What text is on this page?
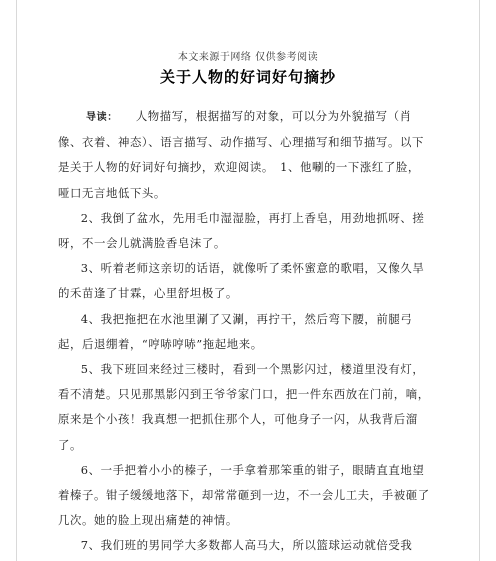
本文来源于网络 仅供参考阅读
关于人物的好词好句摘抄

导读： 人物描写，根据描写的对象，可以分为外貌描写（肖像、衣着、神态）、语言描写、动作描写、心理描写和细节描写。以下是关于人物的好词好句摘抄，欢迎阅读。　1、他唰的一下涨红了脸，哑口无言地低下头。

2、我倒了盆水，先用毛巾湿湿脸，再打上香皂，用劲地抓呀、搓呀，不一会儿就满脸香皂沫了。

3、听着老师这亲切的话语，就像听了柔怀蜜意的歌唱，又像久旱的禾苗逢了甘霖，心里舒坦极了。

4、我把拖把在水池里涮了又涮，再拧干，然后弯下腰，前腿弓起，后退绷着，“哼哧哼哧”拖起地来。

5、我下班回来经过三楼时，看到一个黑影闪过，楼道里没有灯，看不清楚。只见那黑影闪到王爷爷家门口，把一件东西放在门前，嘀，原来是个小孩！我真想一把抓住那个人，可他身子一闪，从我背后溜了。

6、一手把着小小的榛子，一手拿着那笨重的钳子，眼睛直直地望着榛子。钳子缓缓地落下，却常常砸到一边，不一会儿工夫，手被砸了几次。她的脸上现出痛楚的神情。

7、我们班的男同学大多数都人高马大，所以篮球运动就倍受我
